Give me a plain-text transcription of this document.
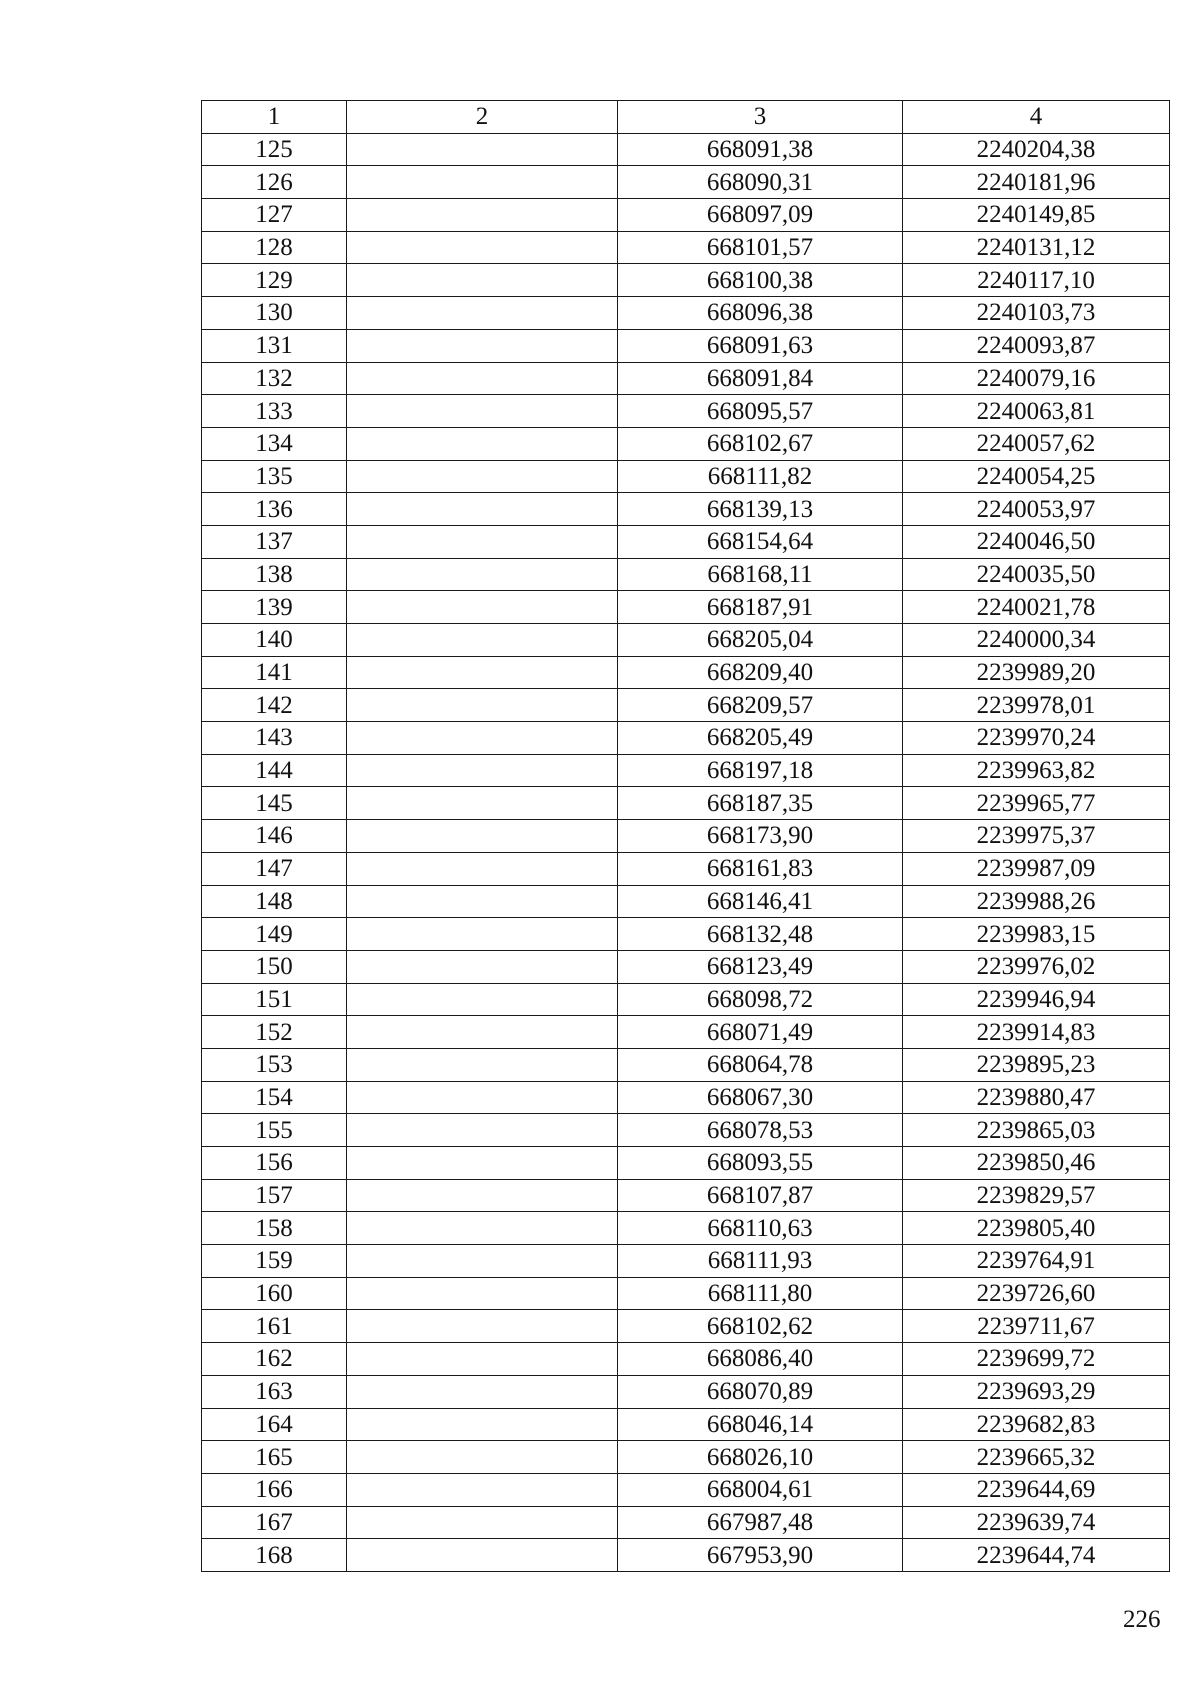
1	2	3	4
125		668091,38	2240204,38
126		668090,31	2240181,96
127		668097,09	2240149,85
128		668101,57	2240131,12
129		668100,38	2240117,10
130		668096,38	2240103,73
131		668091,63	2240093,87
132		668091,84	2240079,16
133		668095,57	2240063,81
134		668102,67	2240057,62
135		668111,82	2240054,25
136		668139,13	2240053,97
137		668154,64	2240046,50
138		668168,11	2240035,50
139		668187,91	2240021,78
140		668205,04	2240000,34
141		668209,40	2239989,20
142		668209,57	2239978,01
143		668205,49	2239970,24
144		668197,18	2239963,82
145		668187,35	2239965,77
146		668173,90	2239975,37
147		668161,83	2239987,09
148		668146,41	2239988,26
149		668132,48	2239983,15
150		668123,49	2239976,02
151		668098,72	2239946,94
152		668071,49	2239914,83
153		668064,78	2239895,23
154		668067,30	2239880,47
155		668078,53	2239865,03
156		668093,55	2239850,46
157		668107,87	2239829,57
158		668110,63	2239805,40
159		668111,93	2239764,91
160		668111,80	2239726,60
161		668102,62	2239711,67
162		668086,40	2239699,72
163		668070,89	2239693,29
164		668046,14	2239682,83
165		668026,10	2239665,32
166		668004,61	2239644,69
167		667987,48	2239639,74
168		667953,90	2239644,74
226
